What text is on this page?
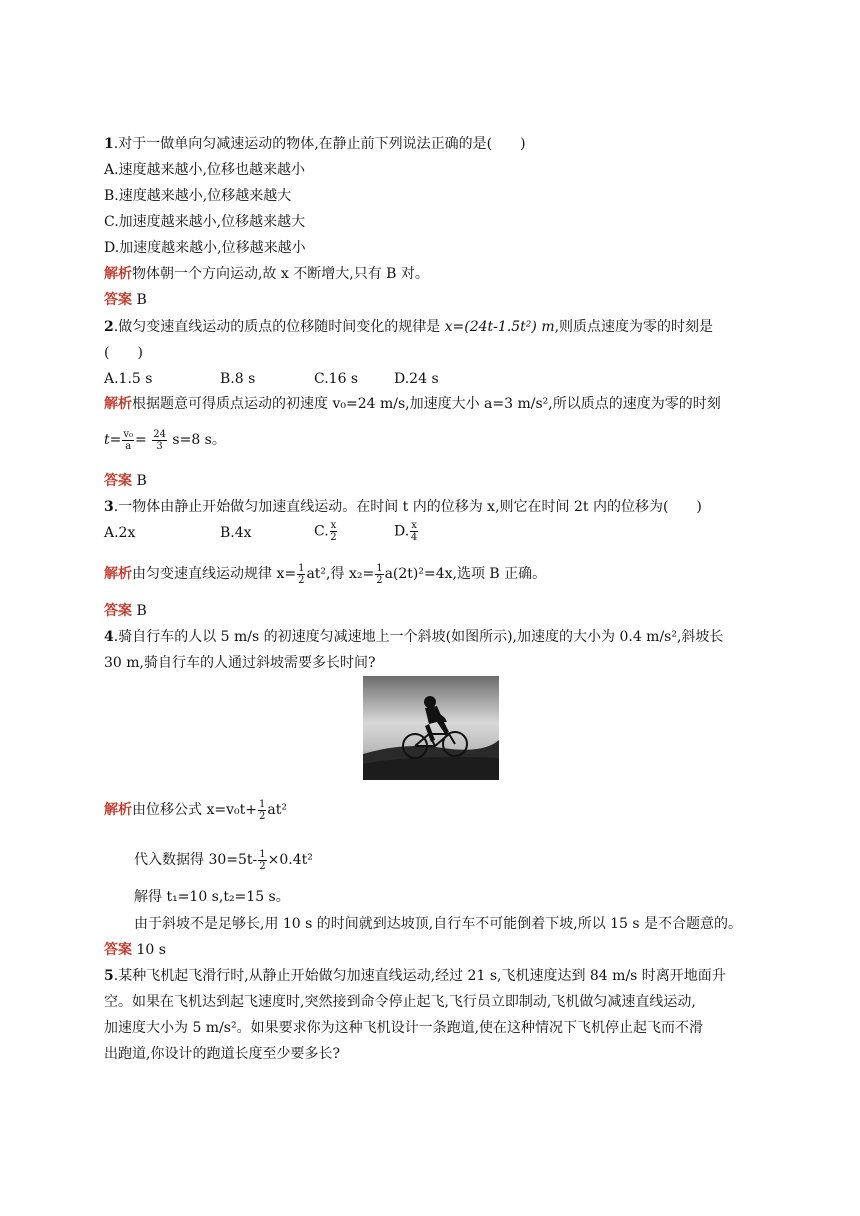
1.对于一做单向匀减速运动的物体,在静止前下列说法正确的是(　　)
A.速度越来越小,位移也越来越小
B.速度越来越小,位移越来越大
C.加速度越来越小,位移越来越大
D.加速度越来越小,位移越来越小
解析物体朝一个方向运动,故 x 不断增大,只有 B 对。
答案 B
2.做匀变速直线运动的质点的位移随时间变化的规律是 x=(24t-1.5t²) m,则质点速度为零的时刻是
(　　)
A.1.5 s	B.8 s	C.16 s	D.24 s
解析根据题意可得质点运动的初速度 v₀=24 m/s,加速度大小 a=3 m/s²,所以质点的速度为零的时刻
$t= \frac{\text{v₀}}{a} = \frac{24}{3} s=8$ s。
答案 B
3.一物体由静止开始做匀加速直线运动。在时间 t 内的位移为 x,则它在时间 2t 内的位移为(　　)
A.2x	B.4x	C. $\frac{x}{2}$	D. $\frac{x}{4}$
解析由匀变速直线运动规律 $x= \frac{1}{2} at^2$,得 $x_2= \frac{1}{2} a(2t)^2=4x$,选项 B 正确。
答案 B
4.骑自行车的人以 5 m/s 的初速度匀减速地上一个斜坡(如图所示),加速度的大小为 0.4 m/s²,斜坡长
30 m,骑自行车的人通过斜坡需要多长时间?
解析由位移公式 $x=v_0t+ \frac{1}{2} at^2$
代入数据得 $30=5t- \frac{1}{2} \times 0.4t^2$
解得 t₁=10 s,t₂=15 s。
由于斜坡不是足够长,用 10 s 的时间就到达坡顶,自行车不可能倒着下坡,所以 15 s 是不合题意的。
答案 10 s
5.某种飞机起飞滑行时,从静止开始做匀加速直线运动,经过 21 s,飞机速度达到 84 m/s 时离开地面升
空。如果在飞机达到起飞速度时,突然接到命令停止起飞,飞行员立即制动,飞机做匀减速直线运动,
加速度大小为 5 m/s²。如果要求你为这种飞机设计一条跑道,使在这种情况下飞机停止起飞而不滑
出跑道,你设计的跑道长度至少要多长?
